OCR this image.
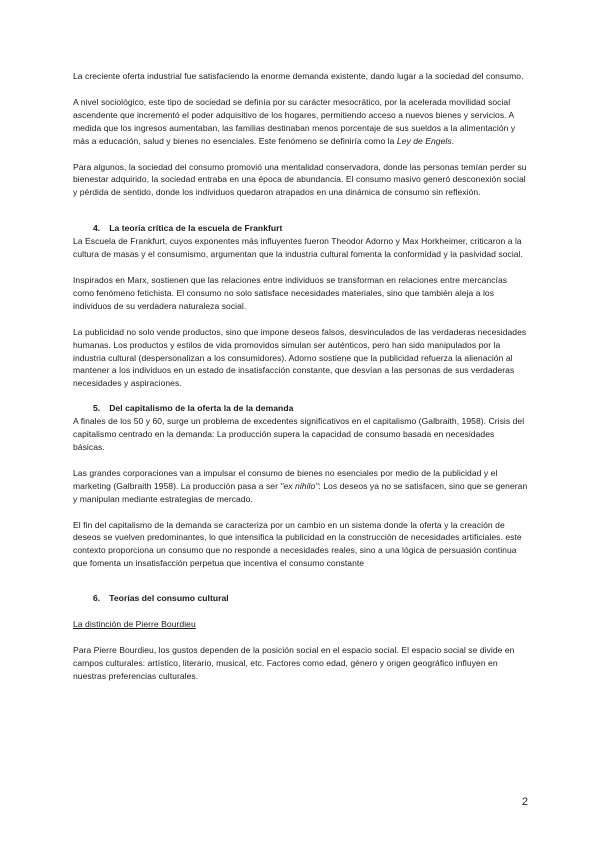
La creciente oferta industrial fue satisfaciendo la enorme demanda existente, dando lugar a la sociedad del consumo.

A nivel sociológico, este tipo de sociedad se definía por su carácter mesocrático, por la acelerada movilidad social ascendente que incrementó el poder adquisitivo de los hogares, permitiendo acceso a nuevos bienes y servicios. A medida que los ingresos aumentaban, las familias destinaban menos porcentaje de sus sueldos a la alimentación y más a educación, salud y bienes no esenciales. Este fenómeno se definiría como la Ley de Engels.

Para algunos, la sociedad del consumo promovió una mentalidad conservadora, donde las personas temían perder su bienestar adquirido, la sociedad entraba en una época de abundancia. El consumo masivo generó desconexión social y pérdida de sentido, donde los individuos quedaron atrapados en una dinámica de consumo sin reflexión.

4. La teoría crítica de la escuela de Frankfurt

La Escuela de Frankfurt, cuyos exponentes más influyentes fueron Theodor Adorno y Max Horkheimer, criticaron a la cultura de masas y el consumismo, argumentan que la industria cultural fomenta la conformidad y la pasividad social.

Inspirados en Marx, sostienen que las relaciones entre individuos se transforman en relaciones entre mercancías como fenómeno fetichista. El consumo no solo satisface necesidades materiales, sino que también aleja a los individuos de su verdadera naturaleza social.

La publicidad no solo vende productos, sino que impone deseos falsos, desvinculados de las verdaderas necesidades humanas. Los productos y estilos de vida promovidos simulan ser auténticos, pero han sido manipulados por la industria cultural (despersonalizan a los consumidores). Adorno sostiene que la publicidad refuerza la alienación al mantener a los individuos en un estado de insatisfacción constante, que desvían a las personas de sus verdaderas necesidades y aspiraciones.

5. Del capitalismo de la oferta la de la demanda

A finales de los 50 y 60, surge un problema de excedentes significativos en el capitalismo (Galbraith, 1958). Crisis del capitalismo centrado en la demanda: La producción supera la capacidad de consumo basada en necesidades básicas.

Las grandes corporaciones van a impulsar el consumo de bienes no esenciales por medio de la publicidad y el marketing (Galbraith 1958). La producción pasa a ser "ex nihilo": Los deseos ya no se satisfacen, sino que se generan y manipulan mediante estrategias de mercado.

El fin del capitalismo de la demanda se caracteriza por un cambio en un sistema donde la oferta y la creación de deseos se vuelven predominantes, lo que intensifica la publicidad en la construcción de necesidades artificiales. este contexto proporciona un consumo que no responde a necesidades reales, sino a una lógica de persuasión continua que fomenta un insatisfacción perpetua que incentiva el consumo constante

6. Teorías del consumo cultural

La distinción de Pierre Bourdieu

Para Pierre Bourdieu, los gustos dependen de la posición social en el espacio social. El espacio social se divide en campos culturales: artístico, literario, musical, etc. Factores como edad, género y origen geográfico influyen en nuestras preferencias culturales.

2
